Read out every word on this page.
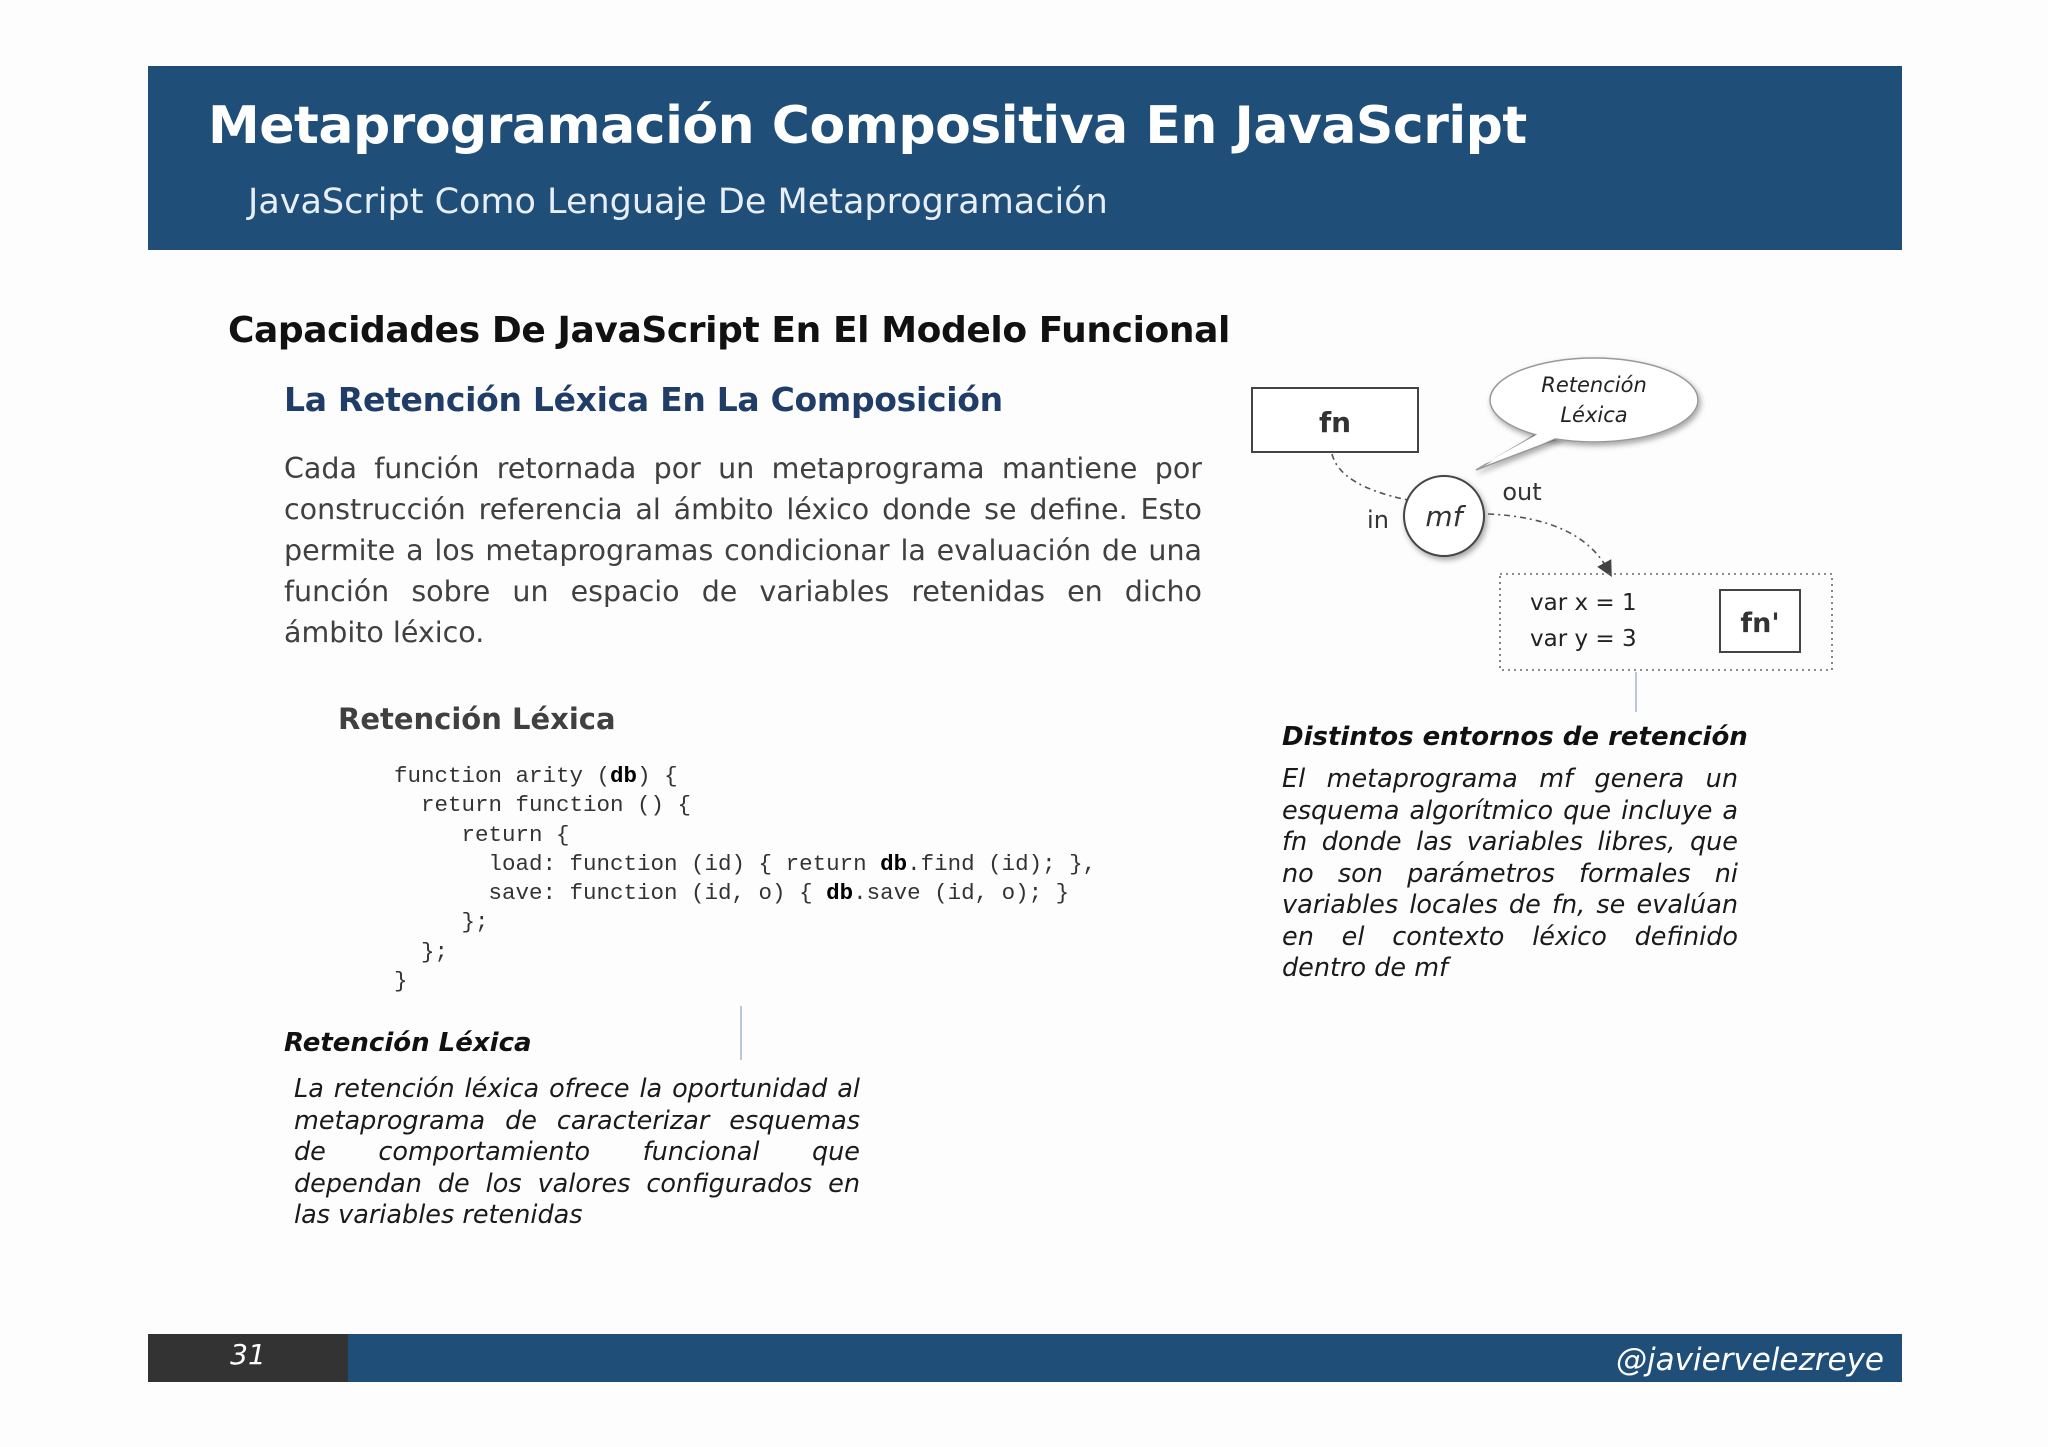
Metaprogramación Compositiva En JavaScript
JavaScript Como Lenguaje De Metaprogramación
Capacidades De JavaScript En El Modelo Funcional
La Retención Léxica En La Composición

Cada función retornada por un metaprograma mantiene por construcción referencia al ámbito léxico donde se define. Esto permite a los metaprogramas condicionar la evaluación de una función sobre un espacio de variables retenidas en dicho ámbito léxico.

Retención Léxica
function arity (db) {
return function () {
return {
load: function (id) { return db.find (id); },
save: function (id, o) { db.save (id, o); }
};
};
}
Retención Léxica

La retención léxica ofrece la oportunidad al metaprograma de caracterizar esquemas de comportamiento funcional que dependan de los valores configurados en las variables retenidas

fn
Retención
Léxica
in mf
out
var x = 1
var y = 3	fn'
Distintos entornos de retención

El metaprograma mf genera un esquema algorítmico que incluye a fn donde las variables libres, que no son parámetros formales ni variables locales de fn, se evalúan en el contexto léxico definido dentro de mf

31	@javiervelezreye
